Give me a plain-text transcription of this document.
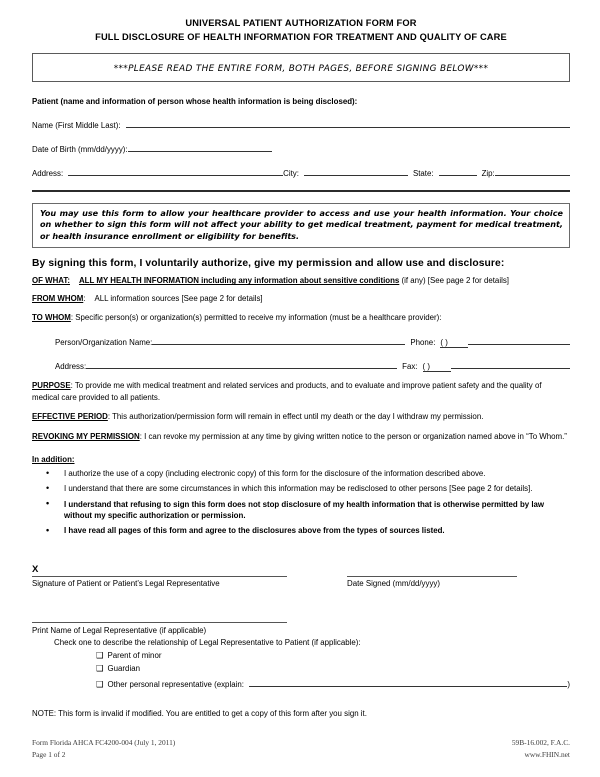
UNIVERSAL PATIENT AUTHORIZATION FORM FOR
FULL DISCLOSURE OF HEALTH INFORMATION FOR TREATMENT AND QUALITY OF CARE
***PLEASE READ THE ENTIRE FORM, BOTH PAGES, BEFORE SIGNING BELOW***
Patient (name and information of person whose health information is being disclosed):
Name (First Middle Last):
Date of Birth (mm/dd/yyyy):
Address:	City:	State:	Zip:
You may use this form to allow your healthcare provider to access and use your health information. Your choice on whether to sign this form will not affect your ability to get medical treatment, payment for medical treatment, or health insurance enrollment or eligibility for benefits.
By signing this form, I voluntarily authorize, give my permission and allow use and disclosure:
OF WHAT: ALL MY HEALTH INFORMATION including any information about sensitive conditions (if any) [See page 2 for details]
FROM WHOM: ALL information sources [See page 2 for details]
TO WHOM: Specific person(s) or organization(s) permitted to receive my information (must be a healthcare provider):
Person/Organization Name:	Phone: ( )
Address:	Fax: ( )
PURPOSE: To provide me with medical treatment and related services and products, and to evaluate and improve patient safety and the quality of medical care provided to all patients.
EFFECTIVE PERIOD: This authorization/permission form will remain in effect until my death or the day I withdraw my permission.
REVOKING MY PERMISSION: I can revoke my permission at any time by giving written notice to the person or organization named above in “To Whom.”
In addition:
• I authorize the use of a copy (including electronic copy) of this form for the disclosure of the information described above.
• I understand that there are some circumstances in which this information may be redisclosed to other persons [See page 2 for details].
• I understand that refusing to sign this form does not stop disclosure of my health information that is otherwise permitted by law without my specific authorization or permission.
• I have read all pages of this form and agree to the disclosures above from the types of sources listed.
X
Signature of Patient or Patient’s Legal Representative	Date Signed (mm/dd/yyyy)
Print Name of Legal Representative (if applicable)
Check one to describe the relationship of Legal Representative to Patient (if applicable):
❑ Parent of minor
❑ Guardian
❑ Other personal representative (explain:	)
NOTE: This form is invalid if modified. You are entitled to get a copy of this form after you sign it.
Form Florida AHCA FC4200-004 (July 1, 2011)	59B-16.002, F.A.C.
Page 1 of 2	www.FHIN.net
